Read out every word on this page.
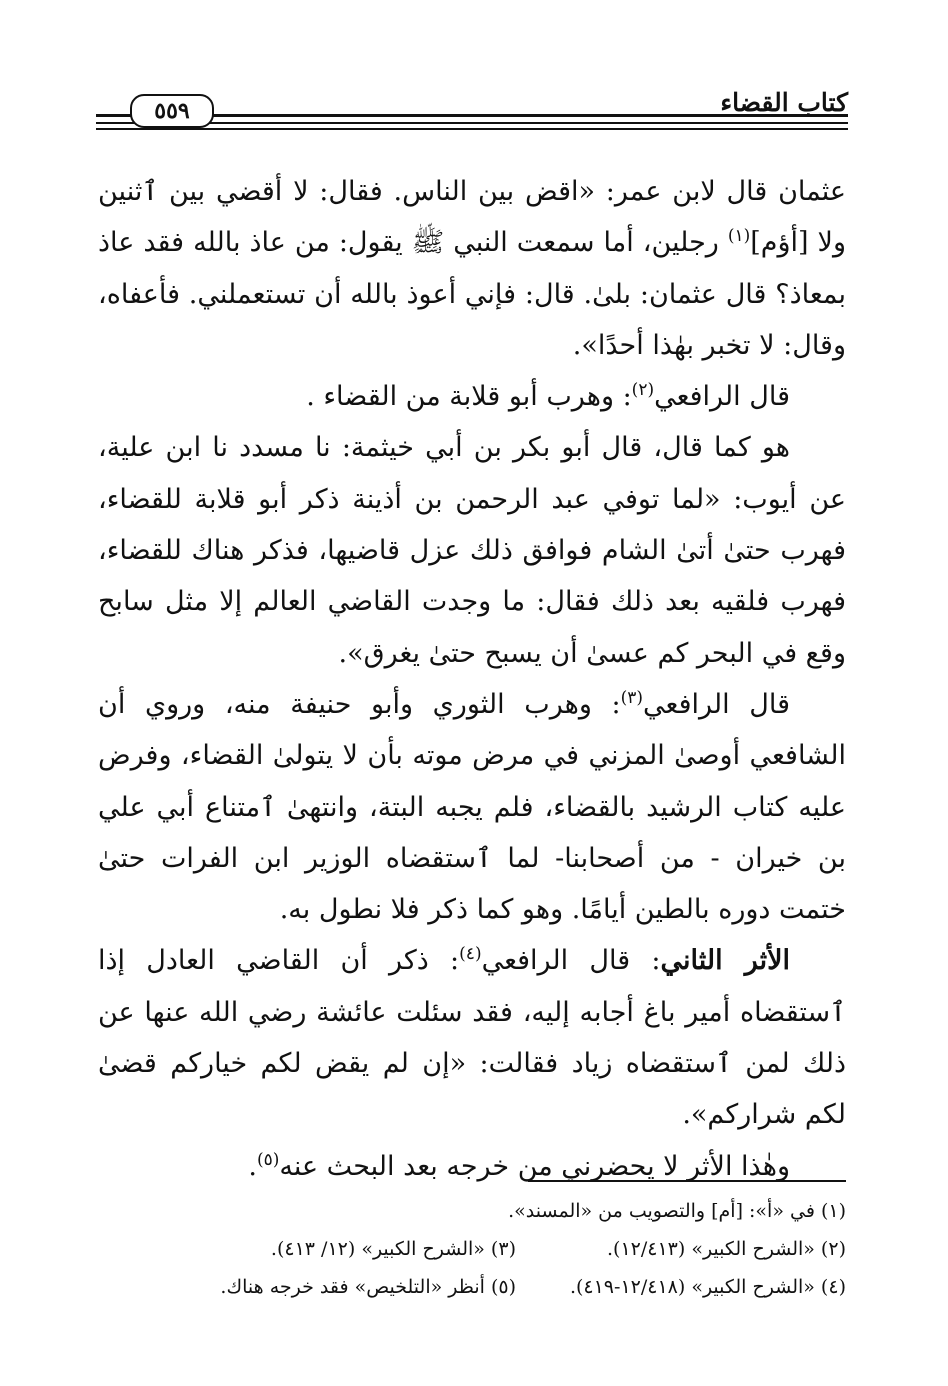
كتاب القضاء
٥٥٩

عثمان قال لابن عمر: «اقض بين الناس. فقال: لا أقضي بين ٱثنين ولا [أؤم]$^{(١)}$ رجلين، أما سمعت النبي ﷺ يقول: من عاذ بالله فقد عاذ بمعاذ؟ قال عثمان: بلىٰ. قال: فإني أعوذ بالله أن تستعملني. فأعفاه، وقال: لا تخبر بهٰذا أحدًا».

قال الرافعي$^{(٢)}$: وهرب أبو قلابة من القضاء .

هو كما قال، قال أبو بكر بن أبي خيثمة: نا مسدد نا ابن علية، عن أيوب: «لما توفي عبد الرحمن بن أذينة ذكر أبو قلابة للقضاء، فهرب حتىٰ أتىٰ الشام فوافق ذلك عزل قاضيها، فذكر هناك للقضاء، فهرب فلقيه بعد ذلك فقال: ما وجدت القاضي العالم إلا مثل سابح وقع في البحر كم عسىٰ أن يسبح حتىٰ يغرق».

قال الرافعي$^{(٣)}$: وهرب الثوري وأبو حنيفة منه، وروي أن الشافعي أوصىٰ المزني في مرض موته بأن لا يتولىٰ القضاء، وفرض عليه كتاب الرشيد بالقضاء، فلم يجبه البتة، وانتهىٰ ٱمتناع أبي علي بن خيران - من أصحابنا- لما ٱستقضاه الوزير ابن الفرات حتىٰ ختمت دوره بالطين أيامًا. وهو كما ذكر فلا نطول به.

الأثر الثاني: قال الرافعي$^{(٤)}$: ذكر أن القاضي العادل إذا ٱستقضاه أمير باغ أجابه إليه، فقد سئلت عائشة رضي الله عنها عن ذلك لمن ٱستقضاه زياد فقالت: «إن لم يقض لكم خياركم قضىٰ لكم شراركم».

وهٰذا الأثر لا يحضرني من خرجه بعد البحث عنه$^{(٥)}$.

(١) في «أ»: [أم] والتصويب من «المسند».
(٢) «الشرح الكبير» (١٢/٤١٣).
(٣) «الشرح الكبير» (١٢/ ٤١٣).
(٤) «الشرح الكبير» (١٢/٤١٨-٤١٩).
(٥) أنظر «التلخيص» فقد خرجه هناك.
